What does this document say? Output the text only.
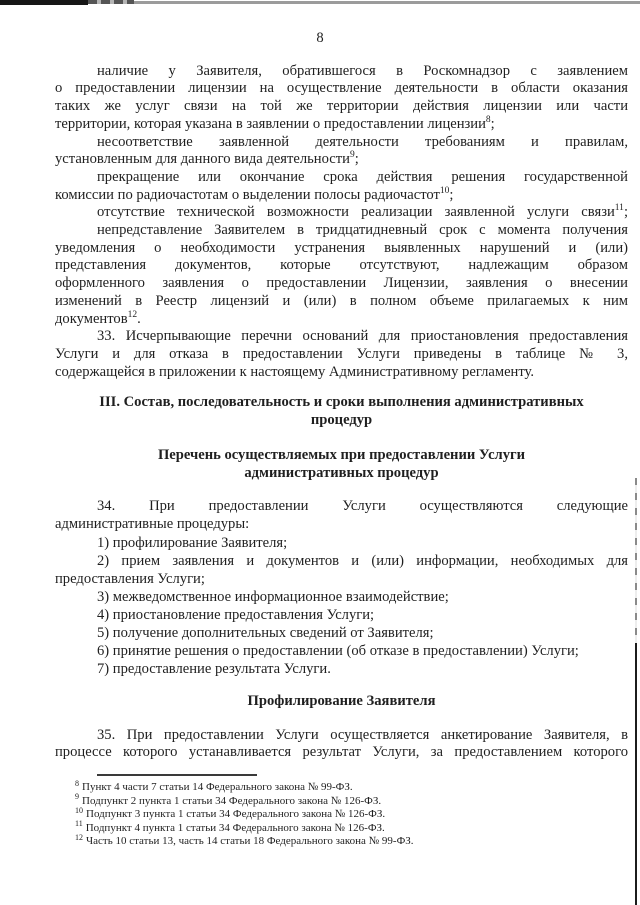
8
наличие у Заявителя, обратившегося в Роскомнадзор с заявлением
о предоставлении лицензии на осуществление деятельности в области оказания
таких же услуг связи на той же территории действия лицензии или части
территории, которая указана в заявлении о предоставлении лицензии$^8$;
несоответствие заявленной деятельности требованиям и правилам,
установленным для данного вида деятельности$^9$;
прекращение или окончание срока действия решения государственной
комиссии по радиочастотам о выделении полосы радиочастот$^{10}$;
отсутствие технической возможности реализации заявленной услуги связи$^{11}$;
непредставление Заявителем в тридцатидневный срок с момента получения
уведомления о необходимости устранения выявленных нарушений и (или)
представления документов, которые отсутствуют, надлежащим образом
оформленного заявления о предоставлении Лицензии, заявления о внесении
изменений в Реестр лицензий и (или) в полном объеме прилагаемых к ним
документов$^{12}$.
33. Исчерпывающие перечни оснований для приостановления предоставления
Услуги и для отказа в предоставлении Услуги приведены в таблице № 3,
содержащейся в приложении к настоящему Административному регламенту.
III. Состав, последовательность и сроки выполнения административных
процедур
Перечень осуществляемых при предоставлении Услуги
административных процедур
34. При предоставлении Услуги осуществляются следующие
административные процедуры:
1) профилирование Заявителя;
2) прием заявления и документов и (или) информации, необходимых для
предоставления Услуги;
3) межведомственное информационное взаимодействие;
4) приостановление предоставления Услуги;
5) получение дополнительных сведений от Заявителя;
6) принятие решения о предоставлении (об отказе в предоставлении) Услуги;
7) предоставление результата Услуги.
Профилирование Заявителя
35. При предоставлении Услуги осуществляется анкетирование Заявителя, в
процессе которого устанавливается результат Услуги, за предоставлением которого
$^8$ Пункт 4 части 7 статьи 14 Федерального закона № 99-ФЗ.
$^9$ Подпункт 2 пункта 1 статьи 34 Федерального закона № 126-ФЗ.
$^{10}$ Подпункт 3 пункта 1 статьи 34 Федерального закона № 126-ФЗ.
$^{11}$ Подпункт 4 пункта 1 статьи 34 Федерального закона № 126-ФЗ.
$^{12}$ Часть 10 статьи 13, часть 14 статьи 18 Федерального закона № 99-ФЗ.
